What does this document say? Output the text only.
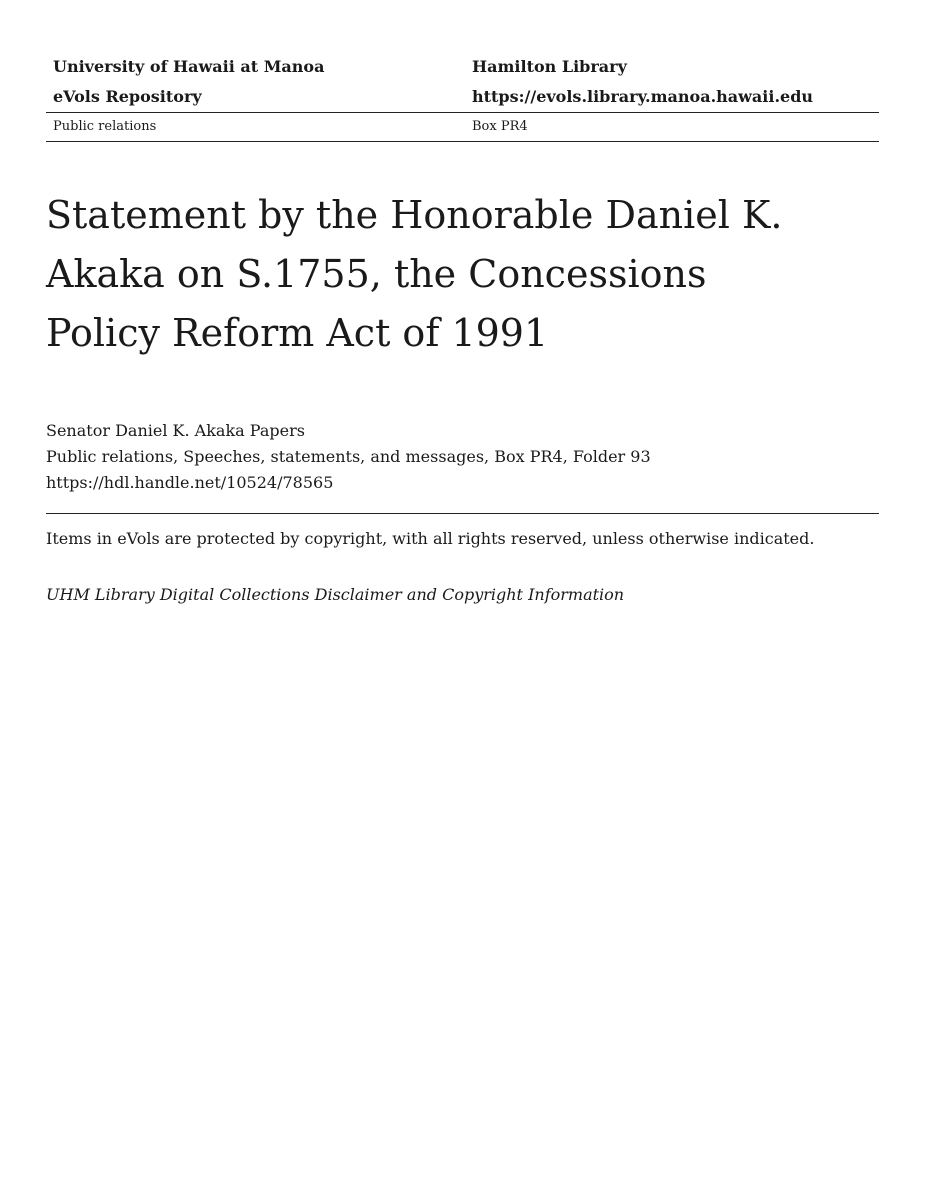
University of Hawaii at Manoa	Hamilton Library
eVols Repository	https://evols.library.manoa.hawaii.edu
Public relations	Box PR4
Statement by the Honorable Daniel K.
Akaka on S.1755, the Concessions
Policy Reform Act of 1991
Senator Daniel K. Akaka Papers
Public relations, Speeches, statements, and messages, Box PR4, Folder 93
https://hdl.handle.net/10524/78565
Items in eVols are protected by copyright, with all rights reserved, unless otherwise indicated.
UHM Library Digital Collections Disclaimer and Copyright Information
